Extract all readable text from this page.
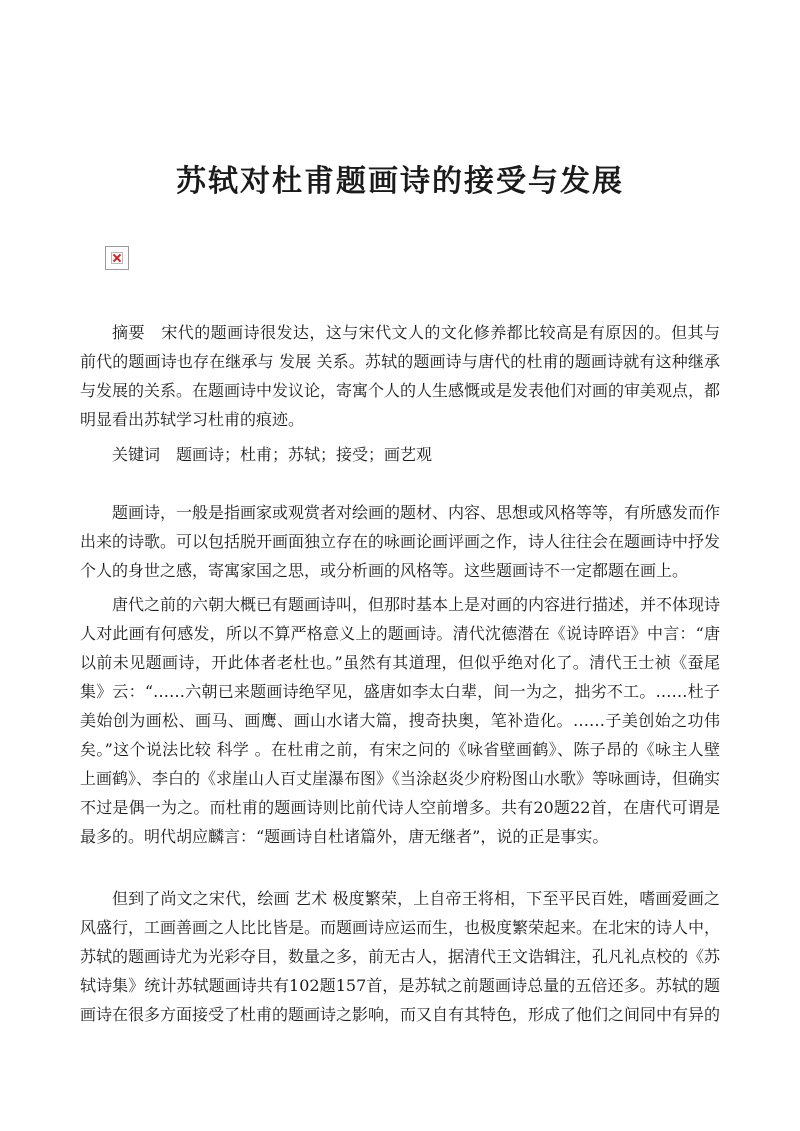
苏轼对杜甫题画诗的接受与发展

摘要 宋代的题画诗很发达，这与宋代文人的文化修养都比较高是有原因的。但其与前代的题画诗也存在继承与 发展 关系。苏轼的题画诗与唐代的杜甫的题画诗就有这种继承与发展的关系。在题画诗中发议论，寄寓个人的人生感慨或是发表他们对画的审美观点，都明显看出苏轼学习杜甫的痕迹。

关键词 题画诗；杜甫；苏轼；接受；画艺观

题画诗，一般是指画家或观赏者对绘画的题材、内容、思想或风格等等，有所感发而作出来的诗歌。可以包括脱开画面独立存在的咏画论画评画之作，诗人往往会在题画诗中抒发个人的身世之感，寄寓家国之思，或分析画的风格等。这些题画诗不一定都题在画上。

唐代之前的六朝大概已有题画诗叫，但那时基本上是对画的内容进行描述，并不体现诗人对此画有何感发，所以不算严格意义上的题画诗。清代沈德潜在《说诗晬语》中言：“唐以前未见题画诗，开此体者老杜也。”虽然有其道理，但似乎绝对化了。清代王士祯《蚕尾集》云：“……六朝已来题画诗绝罕见，盛唐如李太白辈，间一为之，拙劣不工。……杜子美始创为画松、画马、画鹰、画山水诸大篇，搜奇抉奥，笔补造化。……子美创始之功伟矣。”这个说法比较 科学 。在杜甫之前，有宋之问的《咏省壁画鹤》、陈子昂的《咏主人壁上画鹤》、李白的《求崖山人百丈崖瀑布图》《当涂赵炎少府粉图山水歌》等咏画诗，但确实不过是偶一为之。而杜甫的题画诗则比前代诗人空前增多。共有20题22首，在唐代可谓是最多的。明代胡应麟言：“题画诗自杜诸篇外，唐无继者”，说的正是事实。

但到了尚文之宋代，绘画 艺术 极度繁荣，上自帝王将相，下至平民百姓，嗜画爱画之风盛行，工画善画之人比比皆是。而题画诗应运而生，也极度繁荣起来。在北宋的诗人中，苏轼的题画诗尤为光彩夺目，数量之多，前无古人，据清代王文诰辑注，孔凡礼点校的《苏轼诗集》统计苏轼题画诗共有102题157首，是苏轼之前题画诗总量的五倍还多。苏轼的题画诗在很多方面接受了杜甫的题画诗之影响，而又自有其特色，形成了他们之间同中有异的
